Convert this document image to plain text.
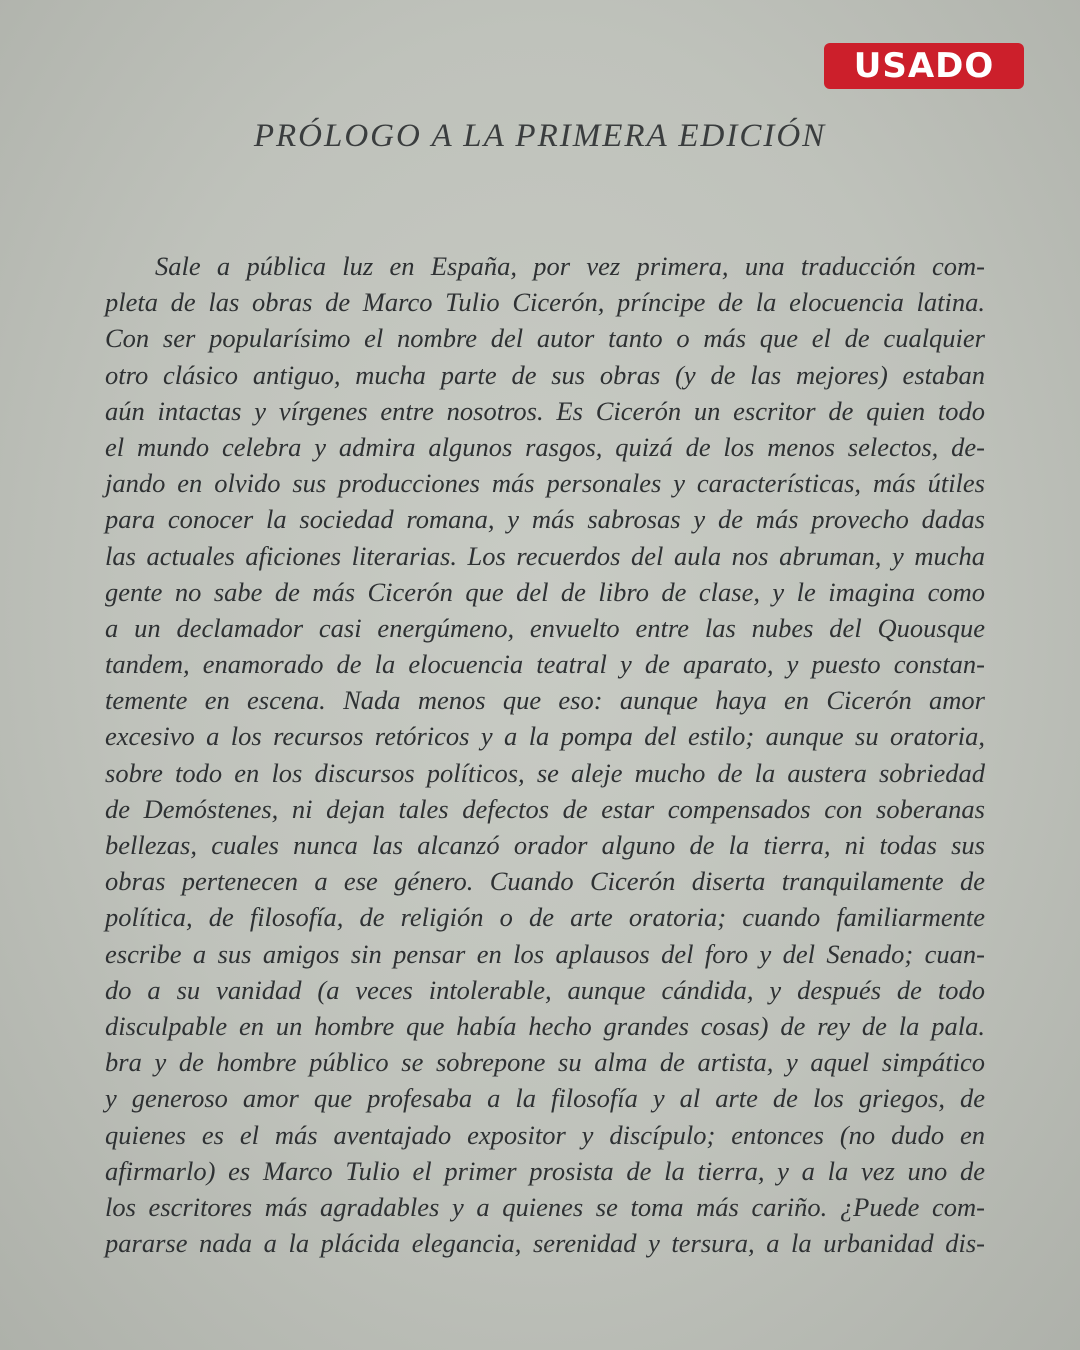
USADO
PRÓLOGO A LA PRIMERA EDICIÓN
Sale a pública luz en España, por vez primera, una traducción com-
pleta de las obras de Marco Tulio Cicerón, príncipe de la elocuencia latina.
Con ser popularísimo el nombre del autor tanto o más que el de cualquier
otro clásico antiguo, mucha parte de sus obras (y de las mejores) estaban
aún intactas y vírgenes entre nosotros. Es Cicerón un escritor de quien todo
el mundo celebra y admira algunos rasgos, quizá de los menos selectos, de-
jando en olvido sus producciones más personales y características, más útiles
para conocer la sociedad romana, y más sabrosas y de más provecho dadas
las actuales aficiones literarias. Los recuerdos del aula nos abruman, y mucha
gente no sabe de más Cicerón que del de libro de clase, y le imagina como
a un declamador casi energúmeno, envuelto entre las nubes del Quousque
tandem, enamorado de la elocuencia teatral y de aparato, y puesto constan-
temente en escena. Nada menos que eso: aunque haya en Cicerón amor
excesivo a los recursos retóricos y a la pompa del estilo; aunque su oratoria,
sobre todo en los discursos políticos, se aleje mucho de la austera sobriedad
de Demóstenes, ni dejan tales defectos de estar compensados con soberanas
bellezas, cuales nunca las alcanzó orador alguno de la tierra, ni todas sus
obras pertenecen a ese género. Cuando Cicerón diserta tranquilamente de
política, de filosofía, de religión o de arte oratoria; cuando familiarmente
escribe a sus amigos sin pensar en los aplausos del foro y del Senado; cuan-
do a su vanidad (a veces intolerable, aunque cándida, y después de todo
disculpable en un hombre que había hecho grandes cosas) de rey de la pala.
bra y de hombre público se sobrepone su alma de artista, y aquel simpático
y generoso amor que profesaba a la filosofía y al arte de los griegos, de
quienes es el más aventajado expositor y discípulo; entonces (no dudo en
afirmarlo) es Marco Tulio el primer prosista de la tierra, y a la vez uno de
los escritores más agradables y a quienes se toma más cariño. ¿Puede com-
pararse nada a la plácida elegancia, serenidad y tersura, a la urbanidad dis-
